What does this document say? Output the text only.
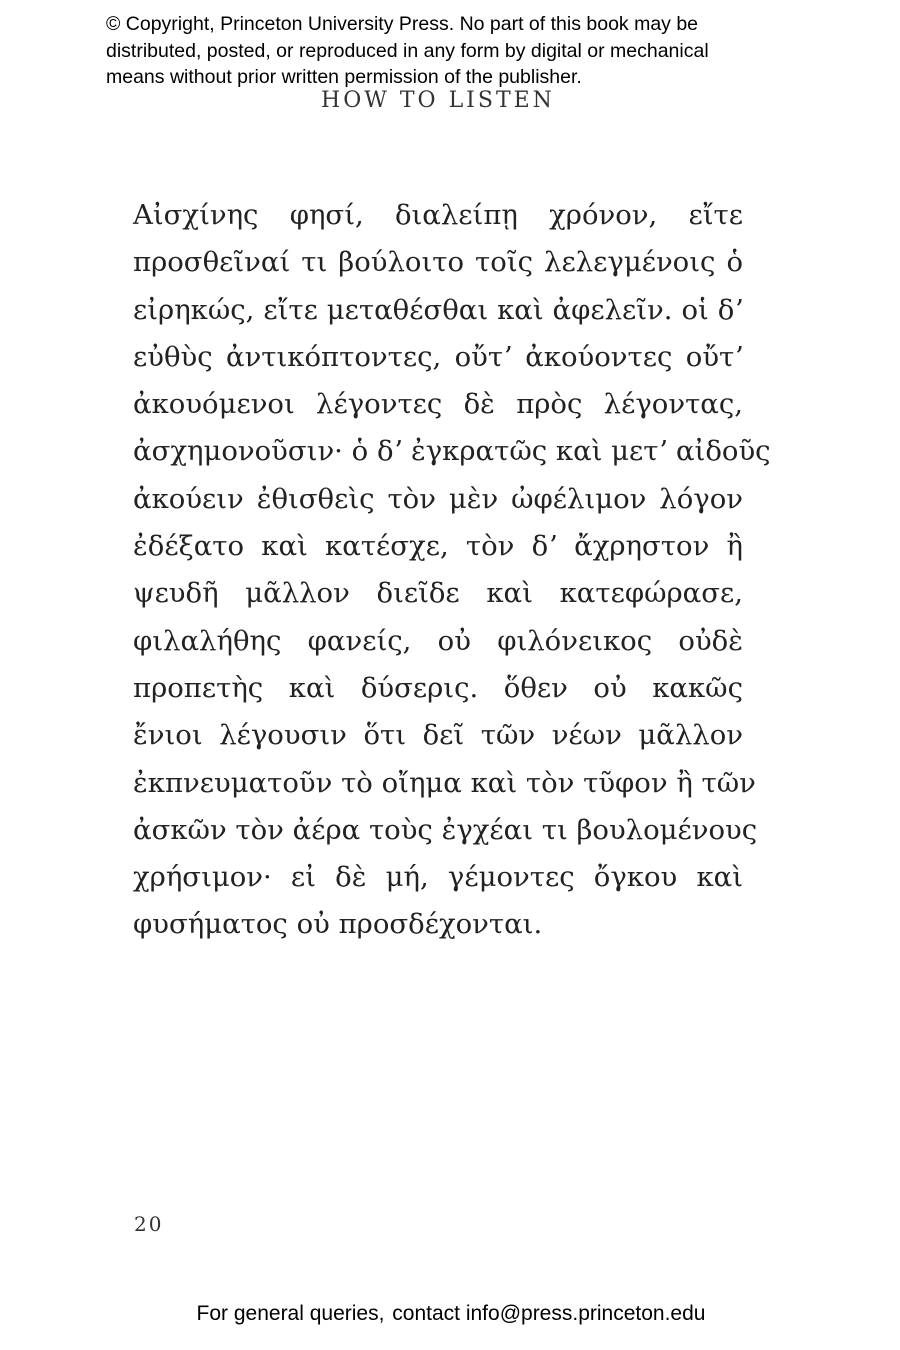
© Copyright, Princeton University Press. No part of this book may be
distributed, posted, or reproduced in any form by digital or mechanical
means without prior written permission of the publisher.
HOW TO LISTEN
Αἰσχίνης φησί, διαλείπῃ χρόνον, εἴτε
προσθεῖναί τι βούλοιτο τοῖς λελεγμένοις ὁ
εἰρηκώς, εἴτε μεταθέσθαι καὶ ἀφελεῖν. οἱ δʼ
εὐθὺς ἀντικόπτοντες, οὔτʼ ἀκούοντες οὔτʼ
ἀκουόμενοι λέγοντες δὲ πρὸς λέγοντας,
ἀσχημονοῦσιν· ὁ δʼ ἐγκρατῶς καὶ μετʼ αἰδοῦς
ἀκούειν ἐθισθεὶς τὸν μὲν ὠφέλιμον λόγον
ἐδέξατο καὶ κατέσχε, τὸν δʼ ἄχρηστον ἢ
ψευδῆ μᾶλλον διεῖδε καὶ κατεφώρασε,
φιλαλήθης φανείς, οὐ φιλόνεικος οὐδὲ
προπετὴς καὶ δύσερις. ὅθεν οὐ κακῶς
ἔνιοι λέγουσιν ὅτι δεῖ τῶν νέων μᾶλλον
ἐκπνευματοῦν τὸ οἴημα καὶ τὸν τῦφον ἢ τῶν
ἀσκῶν τὸν ἀέρα τοὺς ἐγχέαι τι βουλομένους
χρήσιμον· εἰ δὲ μή, γέμοντες ὄγκου καὶ
φυσήματος οὐ προσδέχονται.
20
For general queries, contact info@press.princeton.edu
